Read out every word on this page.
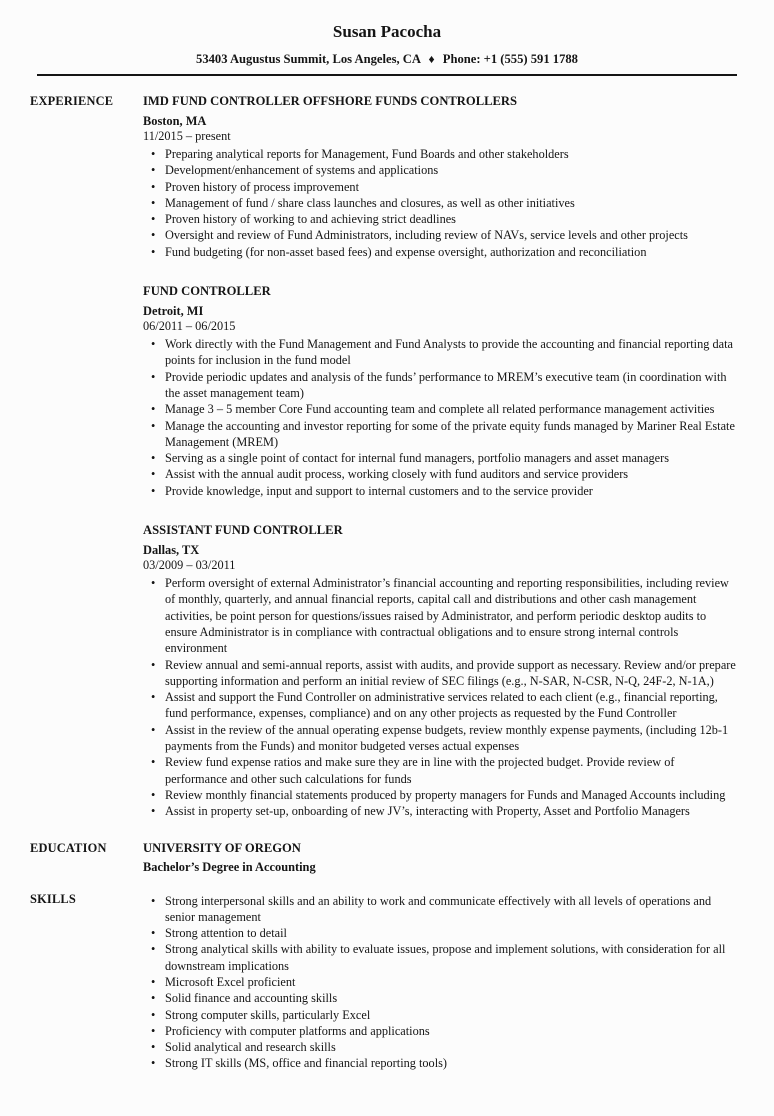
Susan Pacocha
53403 Augustus Summit, Los Angeles, CA ♦ Phone: +1 (555) 591 1788
EXPERIENCE	IMD FUND CONTROLLER OFFSHORE FUNDS CONTROLLERS
Boston, MA
11/2015 – present
• Preparing analytical reports for Management, Fund Boards and other stakeholders
• Development/enhancement of systems and applications
• Proven history of process improvement
• Management of fund / share class launches and closures, as well as other initiatives
• Proven history of working to and achieving strict deadlines
• Oversight and review of Fund Administrators, including review of NAVs, service levels and other projects
• Fund budgeting (for non-asset based fees) and expense oversight, authorization and reconciliation
FUND CONTROLLER
Detroit, MI
06/2011 – 06/2015
• Work directly with the Fund Management and Fund Analysts to provide the accounting and financial reporting data points for inclusion in the fund model
• Provide periodic updates and analysis of the funds’ performance to MREM’s executive team (in coordination with the asset management team)
• Manage 3 – 5 member Core Fund accounting team and complete all related performance management activities
• Manage the accounting and investor reporting for some of the private equity funds managed by Mariner Real Estate Management (MREM)
• Serving as a single point of contact for internal fund managers, portfolio managers and asset managers
• Assist with the annual audit process, working closely with fund auditors and service providers
• Provide knowledge, input and support to internal customers and to the service provider
ASSISTANT FUND CONTROLLER
Dallas, TX
03/2009 – 03/2011
• Perform oversight of external Administrator’s financial accounting and reporting responsibilities, including review of monthly, quarterly, and annual financial reports, capital call and distributions and other cash management activities, be point person for questions/issues raised by Administrator, and perform periodic desktop audits to ensure Administrator is in compliance with contractual obligations and to ensure strong internal controls environment
• Review annual and semi-annual reports, assist with audits, and provide support as necessary. Review and/or prepare supporting information and perform an initial review of SEC filings (e.g., N-SAR, N-CSR, N-Q, 24F-2, N-1A,)
• Assist and support the Fund Controller on administrative services related to each client (e.g., financial reporting, fund performance, expenses, compliance) and on any other projects as requested by the Fund Controller
• Assist in the review of the annual operating expense budgets, review monthly expense payments, (including 12b-1 payments from the Funds) and monitor budgeted verses actual expenses
• Review fund expense ratios and make sure they are in line with the projected budget. Provide review of performance and other such calculations for funds
• Review monthly financial statements produced by property managers for Funds and Managed Accounts including
• Assist in property set-up, onboarding of new JV’s, interacting with Property, Asset and Portfolio Managers
EDUCATION	UNIVERSITY OF OREGON
Bachelor’s Degree in Accounting
SKILLS	• Strong interpersonal skills and an ability to work and communicate effectively with all levels of operations and senior management
• Strong attention to detail
• Strong analytical skills with ability to evaluate issues, propose and implement solutions, with consideration for all downstream implications
• Microsoft Excel proficient
• Solid finance and accounting skills
• Strong computer skills, particularly Excel
• Proficiency with computer platforms and applications
• Solid analytical and research skills
• Strong IT skills (MS, office and financial reporting tools)
